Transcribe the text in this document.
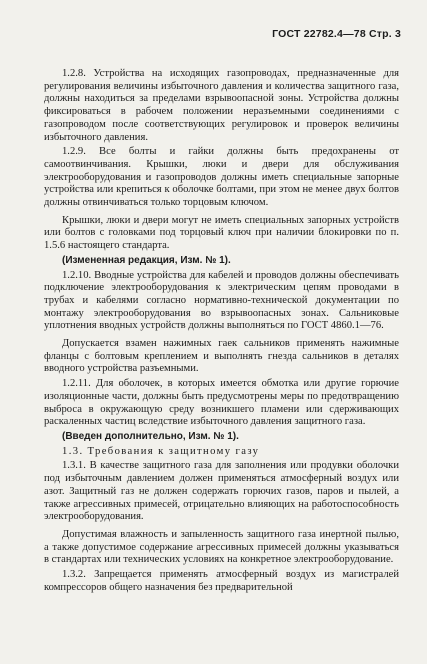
ГОСТ 22782.4—78 Стр. 3

1.2.8. Устройства на исходящих газопроводах, предназначенные для регулирования величины избыточного давления и количества защитного газа, должны находиться за пределами взрывоопасной зоны. Устройства должны фиксироваться в рабочем положении неразъемными соединениями с газопроводом после соответствующих регулировок и проверок величины избыточного давления.

1.2.9. Все болты и гайки должны быть предохранены от самоотвинчивания. Крышки, люки и двери для обслуживания электрооборудования и газопроводов должны иметь специальные запорные устройства или крепиться к оболочке болтами, при этом не менее двух болтов должны отвинчиваться только торцовым ключом.

Крышки, люки и двери могут не иметь специальных запорных устройств или болтов с головками под торцовый ключ при наличии блокировки по п. 1.5.6 настоящего стандарта.

(Измененная редакция, Изм. № 1).

1.2.10. Вводные устройства для кабелей и проводов должны обеспечивать подключение электрооборудования к электрическим цепям проводами в трубах и кабелями согласно нормативно-технической документации по монтажу электрооборудования во взрывоопасных зонах. Сальниковые уплотнения вводных устройств должны выполняться по ГОСТ 4860.1—76.

Допускается взамен нажимных гаек сальников применять нажимные фланцы с болтовым креплением и выполнять гнезда сальников в деталях вводного устройства разъемными.

1.2.11. Для оболочек, в которых имеется обмотка или другие горючие изоляционные части, должны быть предусмотрены меры по предотвращению выброса в окружающую среду возникшего пламени или сдерживающих раскаленных частиц вследствие избыточного давления защитного газа.

(Введен дополнительно, Изм. № 1).

1.3. Требования к защитному газу

1.3.1. В качестве защитного газа для заполнения или продувки оболочки под избыточным давлением должен применяться атмосферный воздух или азот. Защитный газ не должен содержать горючих газов, паров и пылей, а также агрессивных примесей, отрицательно влияющих на работоспособность электрооборудования.

Допустимая влажность и запыленность защитного газа инертной пылью, а также допустимое содержание агрессивных примесей должны указываться в стандартах или технических условиях на конкретное электрооборудование.

1.3.2. Запрещается применять атмосферный воздух из магистралей компрессоров общего назначения без предварительной
